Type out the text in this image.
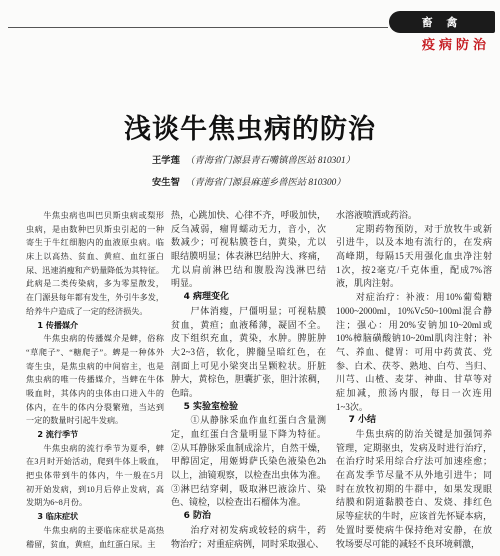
畜 禽
疫病防治
浅谈牛焦虫病的防治
王学莲 （青海省门源县青石嘴镇兽医站 810301）
安生智 （青海省门源县麻莲乡兽医站 810300）
　　牛焦虫病也叫巴贝斯虫病或梨形
虫病，是由数种巴贝斯虫引起的一种
寄生于牛红细胞内的血液原虫病。临
床上以高热、贫血、黄疸、血红蛋白
尿、迅速消瘦和产奶量降低为其特征。
此病是二类传染病，多为零星散发，
在门源县每年都有发生，外引牛多发，
给养牛户造成了一定的经济损失。
1 传播媒介
　　牛焦虫病的传播媒介是蜱，俗称
“草爬子”、“糖爬子”。蜱是一种体外
寄生虫，是焦虫病的中间宿主，也是
焦虫病的唯一传播媒介，当蜱在牛体
吸血时，其体内的虫体由口进入牛的
体内，在牛的体内分裂繁殖，当达到
一定的数量时引起牛发病。
2 流行季节
　　牛焦虫病的流行季节为夏季，蜱
在3月时开始活动，爬到牛体上吸血，
把虫体带到牛的体内，牛一般在5月
初开始发病，到10月后停止发病，高
发期为6~8月份。
3 临床症状
　　牛焦虫病的主要临床症状是高热
稽留，贫血，黄疸，血红蛋白尿。主
热，心跳加快、心律不齐，呼吸加快，
反刍减弱，瘤胃蠕动无力，音小，次
数减少；可视粘膜苍白，黄染，尤以
眼结膜明显；体表淋巴结肿大、疼痛，
尤以肩前淋巴结和腹股沟浅淋巴结
明显。
4 病理变化
　　尸体消瘦，尸僵明显；可视粘膜
贫血，黄疸；血液稀薄，凝固不全。
皮下组织充血，黄染，水肿。脾脏肿
大2~3倍，软化，脾髓呈暗红色，在
剖面上可见小梁突出呈颗粒状。肝脏
肿大，黄棕色，胆囊扩张，胆汁浓稠，
色暗。
5 实验室检验
　　①从静脉采血作血红蛋白含量测
定，血红蛋白含量明显下降为特征。
②从耳静脉采血制成涂片，自然干燥，
甲醇固定，用姬姆萨氏染色液染色2h
以上，油镜观察，以检查出虫体为准。
③淋巴结穿刺，吸取淋巴液涂片、染
色、镜检，以检查出石榴体为准。
6 防治
　　治疗对初发病或较轻的病牛，药
物治疗；对重症病例，同时采取强心、
水溶液喷洒或药浴。
　　定期药物预防，对于放牧牛或新
引进牛，以及本地有流行的，在发病
高峰期，每隔15天用强化血虫净注射
1次，按2毫克/千克体重，配成7%溶
液，肌肉注射。
　　对症治疗：补液：用10%葡萄糖
1000~2000ml，10%Vc50~100ml混合静
注；强心：用20%安钠加10~20ml或
10%樟脑磺酸钠10~20ml肌肉注射；补
气、养血、健胃：可用中药黄芪、党
参、白术、茯苓、熟地、白芍、当归、
川芎、山楂、麦芽、神曲、甘草等对
症加减，煎汤内服，每日一次连用
1~3次。
7 小结
　　牛焦虫病的防治关键是加强饲养
管理，定期驱虫，发病及时进行治疗，
在治疗时采用综合疗法可加速痊愈；
在高发季节尽量不从外地引进牛；同
时在放牧初期的牛群中，如果发现眼
结膜和阴道黏膜苍白、发烧、排红色
尿等症状的牛时，应该首先怀疑本病，
处置时要使病牛保持绝对安静，在放
牧场要尽可能的减轻不良环境刺激，
